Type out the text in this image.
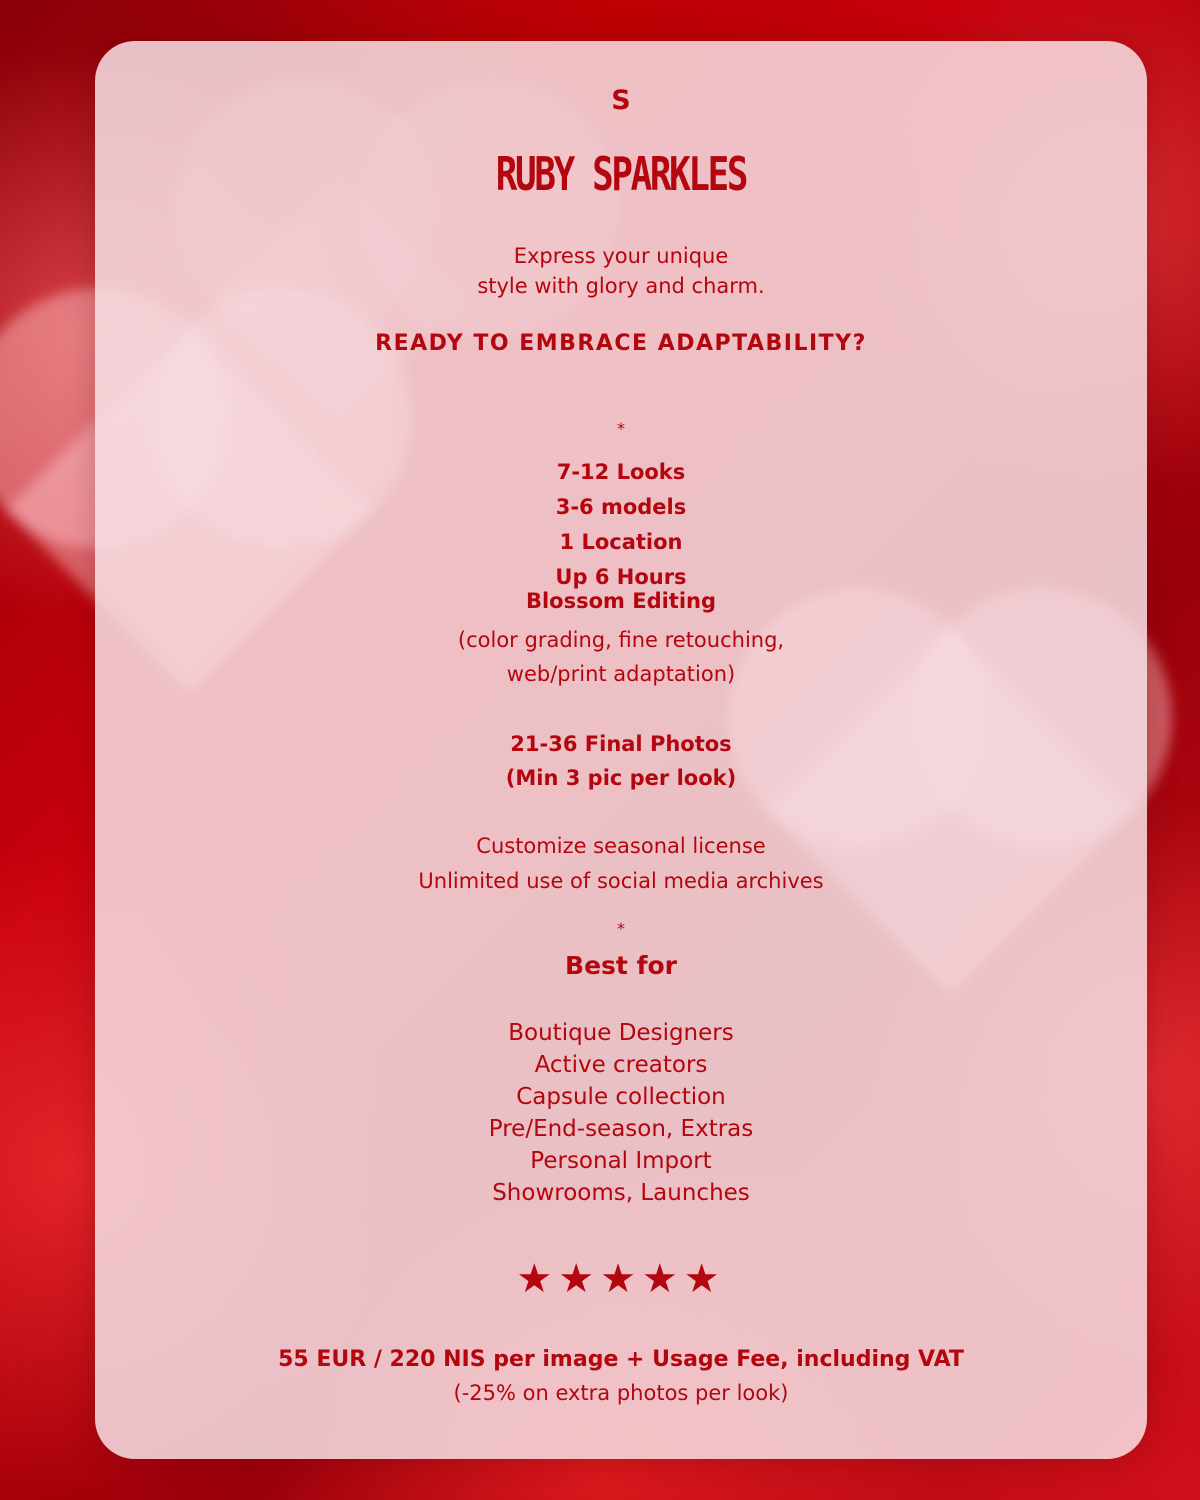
S
RUBY SPARKLES
Express your unique
style with glory and charm.
READY TO EMBRACE ADAPTABILITY?
*
7-12 Looks
3-6 models
1 Location
Up 6 Hours
Blossom Editing
(color grading, fine retouching,
web/print adaptation)
21-36 Final Photos
(Min 3 pic per look)
Customize seasonal license
Unlimited use of social media archives
*
Best for
Boutique Designers
Active creators
Capsule collection
Pre/End-season, Extras
Personal Import
Showrooms, Launches
★★★★★
55 EUR / 220 NIS per image + Usage Fee, including VAT
(-25% on extra photos per look)
